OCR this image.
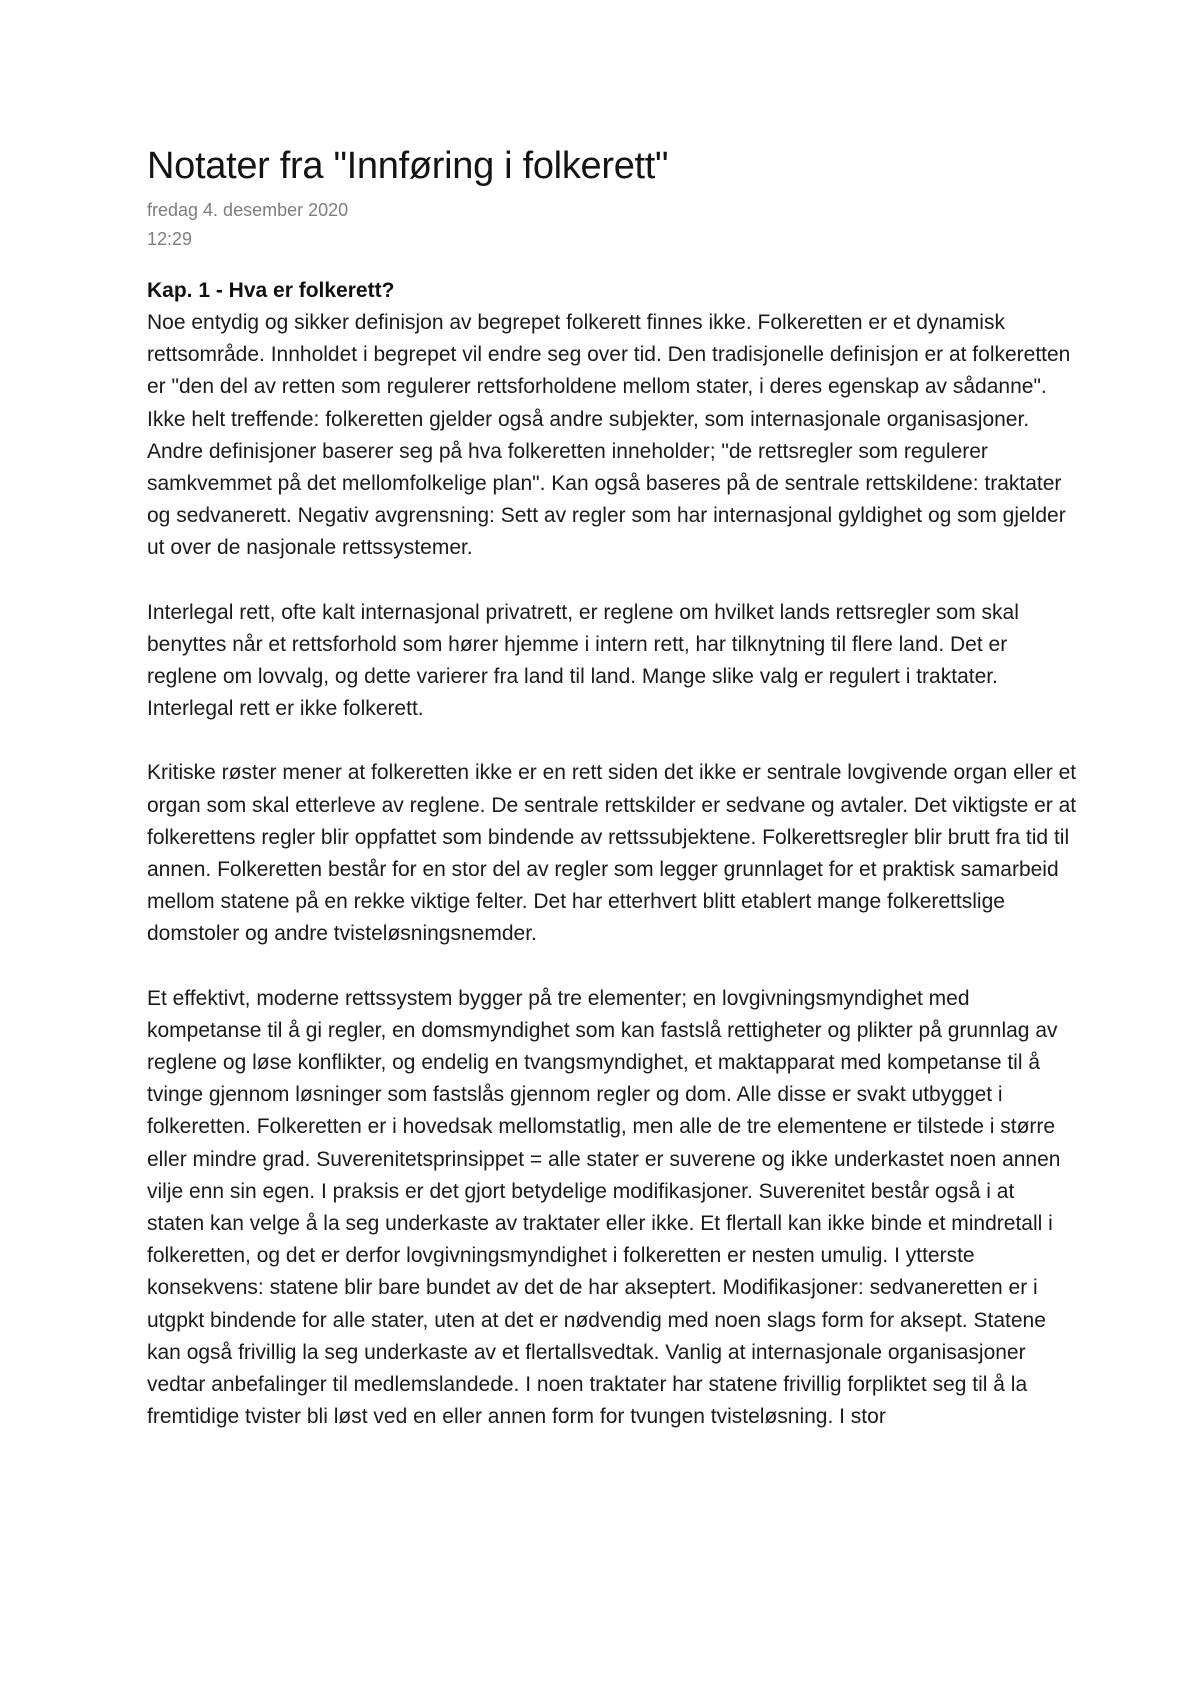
Notater fra "Innføring i folkerett"
fredag 4. desember 2020
12:29
Kap. 1 - Hva er folkerett?

Noe entydig og sikker definisjon av begrepet folkerett finnes ikke. Folkeretten er et dynamisk rettsområde. Innholdet i begrepet vil endre seg over tid. Den tradisjonelle definisjon er at folkeretten er "den del av retten som regulerer rettsforholdene mellom stater, i deres egenskap av sådanne". Ikke helt treffende: folkeretten gjelder også andre subjekter, som internasjonale organisasjoner. Andre definisjoner baserer seg på hva folkeretten inneholder; "de rettsregler som regulerer samkvemmet på det mellomfolkelige plan". Kan også baseres på de sentrale rettskildene: traktater og sedvanerett. Negativ avgrensning: Sett av regler som har internasjonal gyldighet og som gjelder ut over de nasjonale rettssystemer.

Interlegal rett, ofte kalt internasjonal privatrett, er reglene om hvilket lands rettsregler som skal benyttes når et rettsforhold som hører hjemme i intern rett, har tilknytning til flere land. Det er reglene om lovvalg, og dette varierer fra land til land. Mange slike valg er regulert i traktater. Interlegal rett er ikke folkerett.

Kritiske røster mener at folkeretten ikke er en rett siden det ikke er sentrale lovgivende organ eller et organ som skal etterleve av reglene. De sentrale rettskilder er sedvane og avtaler. Det viktigste er at folkerettens regler blir oppfattet som bindende av rettssubjektene. Folkerettsregler blir brutt fra tid til annen. Folkeretten består for en stor del av regler som legger grunnlaget for et praktisk samarbeid mellom statene på en rekke viktige felter. Det har etterhvert blitt etablert mange folkerettslige domstoler og andre tvisteløsningsnemder.

Et effektivt, moderne rettssystem bygger på tre elementer; en lovgivningsmyndighet med kompetanse til å gi regler, en domsmyndighet som kan fastslå rettigheter og plikter på grunnlag av reglene og løse konflikter, og endelig en tvangsmyndighet, et maktapparat med kompetanse til å tvinge gjennom løsninger som fastslås gjennom regler og dom. Alle disse er svakt utbygget i folkeretten. Folkeretten er i hovedsak mellomstatlig, men alle de tre elementene er tilstede i større eller mindre grad. Suverenitetsprinsippet = alle stater er suverene og ikke underkastet noen annen vilje enn sin egen. I praksis er det gjort betydelige modifikasjoner. Suverenitet består også i at staten kan velge å la seg underkaste av traktater eller ikke. Et flertall kan ikke binde et mindretall i folkeretten, og det er derfor lovgivningsmyndighet i folkeretten er nesten umulig. I ytterste konsekvens: statene blir bare bundet av det de har akseptert. Modifikasjoner: sedvaneretten er i utgpkt bindende for alle stater, uten at det er nødvendig med noen slags form for aksept. Statene kan også frivillig la seg underkaste av et flertallsvedtak. Vanlig at internasjonale organisasjoner vedtar anbefalinger til medlemslandede. I noen traktater har statene frivillig forpliktet seg til å la fremtidige tvister bli løst ved en eller annen form for tvungen tvisteløsning. I stor
